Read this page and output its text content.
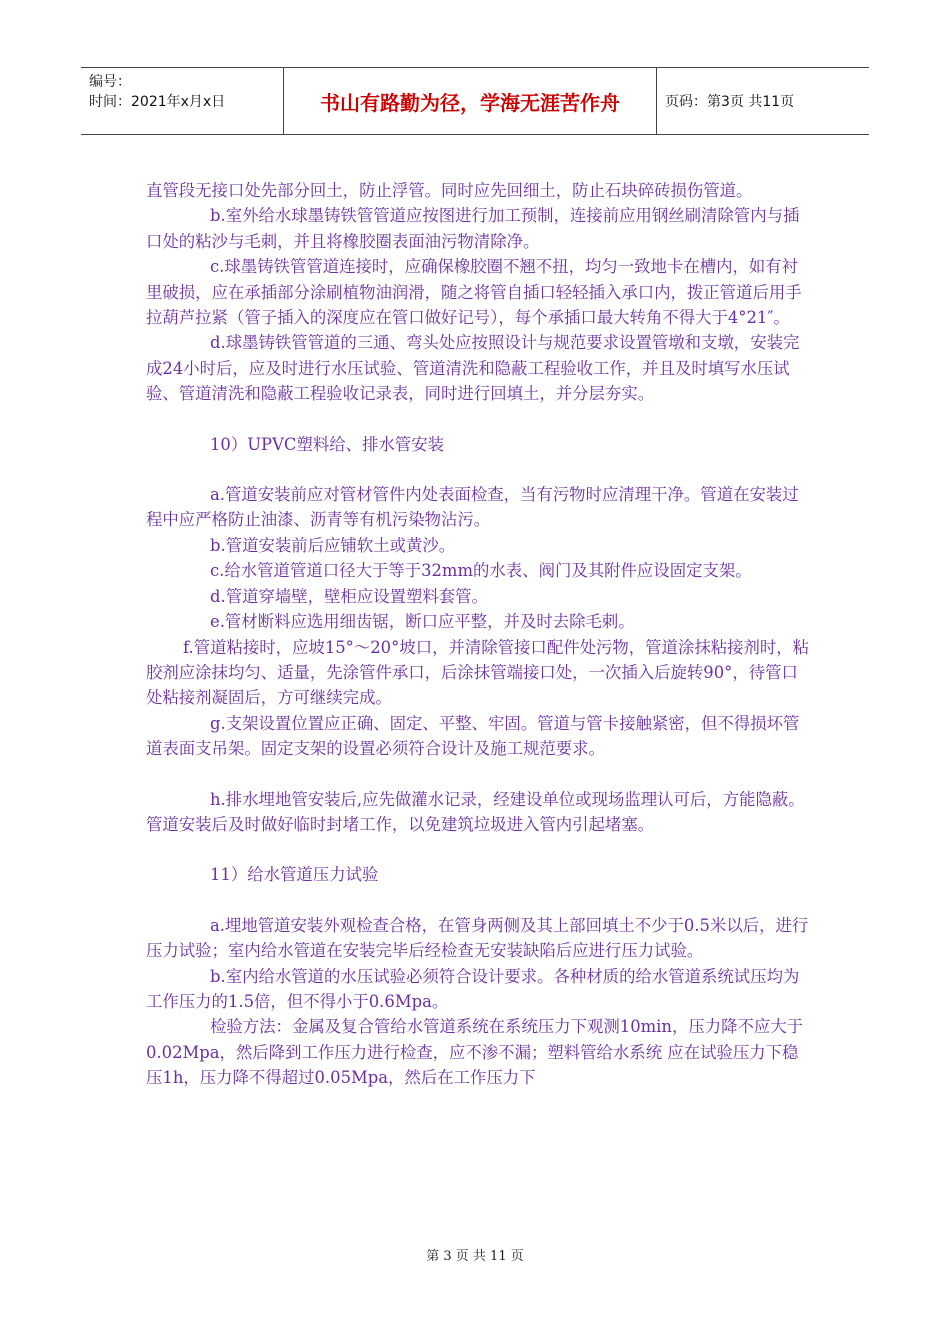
编号：
时间：2021年x月x日	书山有路勤为径，学海无涯苦作舟	页码：第3页 共11页

直管段无接口处先部分回土，防止浮管。同时应先回细土，防止石块碎砖损伤管道。

b.室外给水球墨铸铁管管道应按图进行加工预制，连接前应用钢丝刷清除管内与插口处的粘沙与毛刺，并且将橡胶圈表面油污物清除净。

c.球墨铸铁管管道连接时，应确保橡胶圈不翘不扭，均匀一致地卡在槽内，如有衬里破损，应在承插部分涂刷植物油润滑，随之将管自插口轻轻插入承口内，拨正管道后用手拉葫芦拉紧（管子插入的深度应在管口做好记号），每个承插口最大转角不得大于4°21″。

d.球墨铸铁管管道的三通、弯头处应按照设计与规范要求设置管墩和支墩，安装完成24小时后，应及时进行水压试验、管道清洗和隐蔽工程验收工作，并且及时填写水压试验、管道清洗和隐蔽工程验收记录表，同时进行回填土，并分层夯实。

10）UPVC塑料给、排水管安装

a.管道安装前应对管材管件内处表面检查，当有污物时应清理干净。管道在安装过程中应严格防止油漆、沥青等有机污染物沾污。

b.管道安装前后应铺软土或黄沙。

c.给水管道管道口径大于等于32mm的水表、阀门及其附件应设固定支架。

d.管道穿墙壁，壁柜应设置塑料套管。

e.管材断料应选用细齿锯，断口应平整，并及时去除毛刺。

f.管道粘接时，应坡15°～20°坡口，并清除管接口配件处污物，管道涂抹粘接剂时，粘胶剂应涂抹均匀、适量，先涂管件承口，后涂抹管端接口处，一次插入后旋转90°，待管口处粘接剂凝固后，方可继续完成。

g.支架设置位置应正确、固定、平整、牢固。管道与管卡接触紧密，但不得损坏管道表面支吊架。固定支架的设置必须符合设计及施工规范要求。

h.排水埋地管安装后,应先做灌水记录，经建设单位或现场监理认可后，方能隐蔽。管道安装后及时做好临时封堵工作，以免建筑垃圾进入管内引起堵塞。

11）给水管道压力试验

a.埋地管道安装外观检查合格，在管身两侧及其上部回填土不少于0.5米以后，进行压力试验；室内给水管道在安装完毕后经检查无安装缺陷后应进行压力试验。

b.室内给水管道的水压试验必须符合设计要求。各种材质的给水管道系统试压均为工作压力的1.5倍，但不得小于0.6Mpa。

检验方法：金属及复合管给水管道系统在系统压力下观测10min，压力降不应大于0.02Mpa，然后降到工作压力进行检查，应不渗不漏；塑料管给水系统 应在试验压力下稳压1h，压力降不得超过0.05Mpa，然后在工作压力下

第 3 页 共 11 页
